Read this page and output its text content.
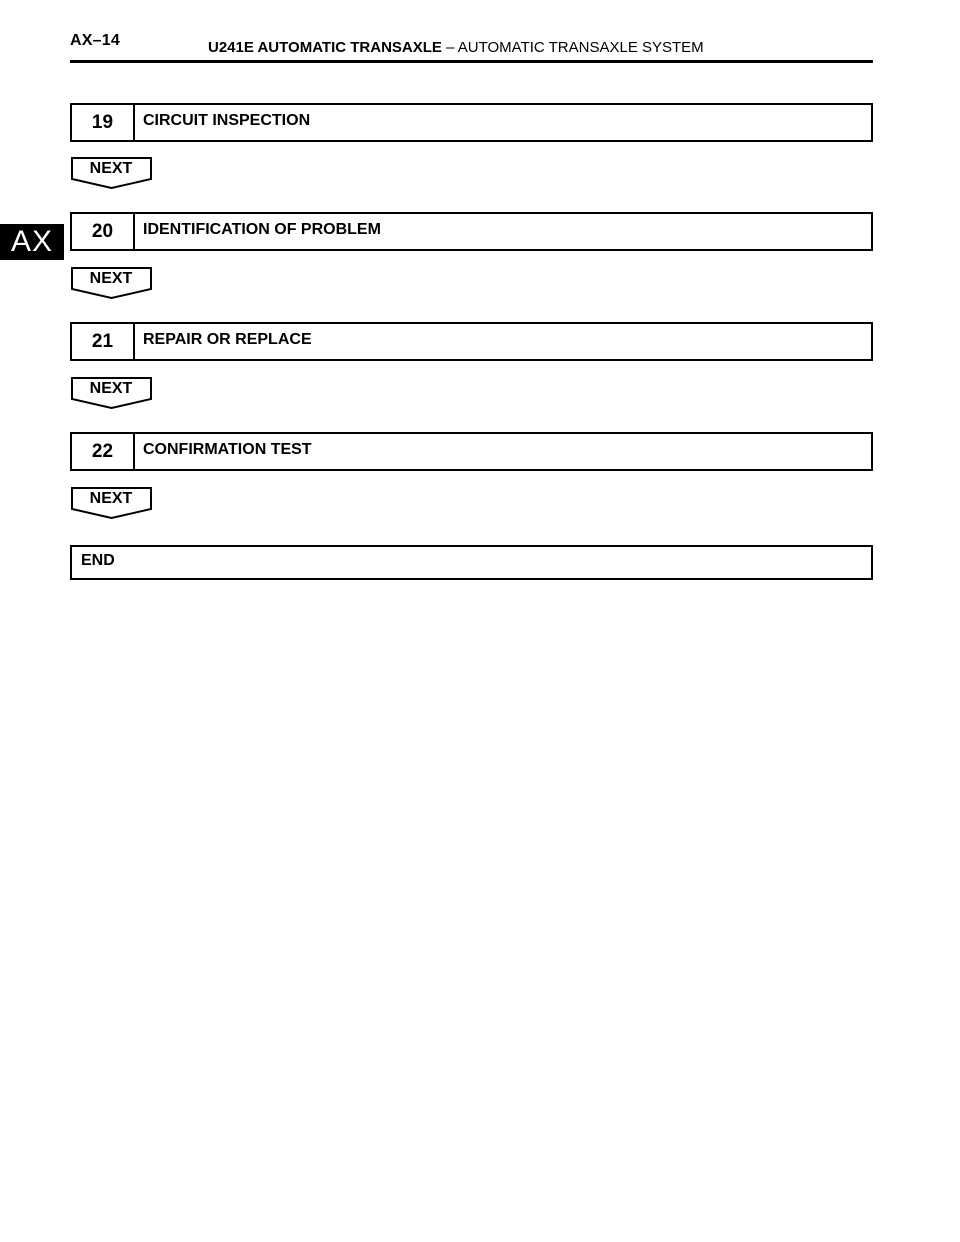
AX–14	U241E AUTOMATIC TRANSAXLE – AUTOMATIC TRANSAXLE SYSTEM
AX
19	CIRCUIT INSPECTION
NEXT
20	IDENTIFICATION OF PROBLEM
NEXT
21	REPAIR OR REPLACE
NEXT
22	CONFIRMATION TEST
NEXT
END
